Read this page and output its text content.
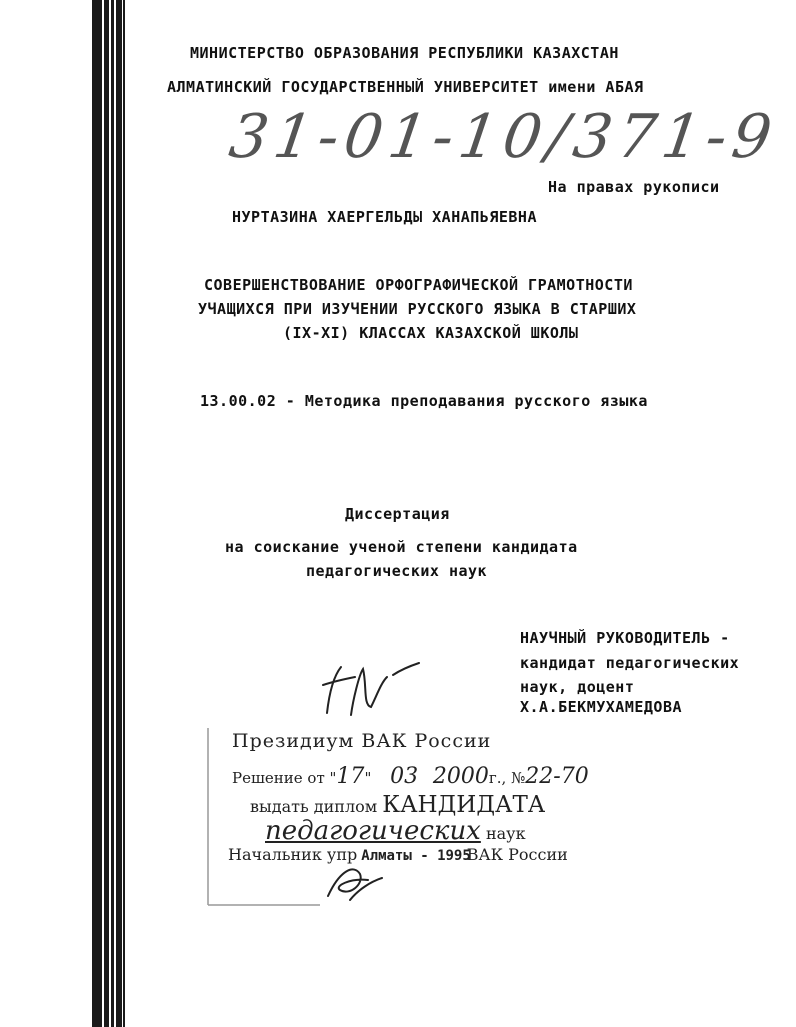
МИНИСТЕРСТВО ОБРАЗОВАНИЯ РЕСПУБЛИКИ КАЗАХСТАН
АЛМАТИНСКИЙ ГОСУДАРСТВЕННЫЙ УНИВЕРСИТЕТ имени АБАЯ
31-01-10/371-9
На правах рукописи
НУРТАЗИНА ХАЕРГЕЛЬДЫ ХАНАПЬЯЕВНА
СОВЕРШЕНСТВОВАНИЕ ОРФОГРАФИЧЕСКОЙ ГРАМОТНОСТИ
УЧАЩИХСЯ ПРИ ИЗУЧЕНИИ РУССКОГО ЯЗЫКА В СТАРШИХ
(IX-XI) КЛАССАХ КАЗАХСКОЙ ШКОЛЫ
13.00.02 - Методика преподавания русского языка
Диссертация
на соискание ученой степени кандидата
педагогических наук
НАУЧНЫЙ РУКОВОДИТЕЛЬ -
кандидат педагогических
наук, доцент
Х.А.БЕКМУХАМЕДОВА
Президиум ВАК России
Решение от "17" 03 2000г., №22-70
выдать диплом КАНДИДАТА
педагогических наук
Начальник упр Алматы - 1995ВАК России
